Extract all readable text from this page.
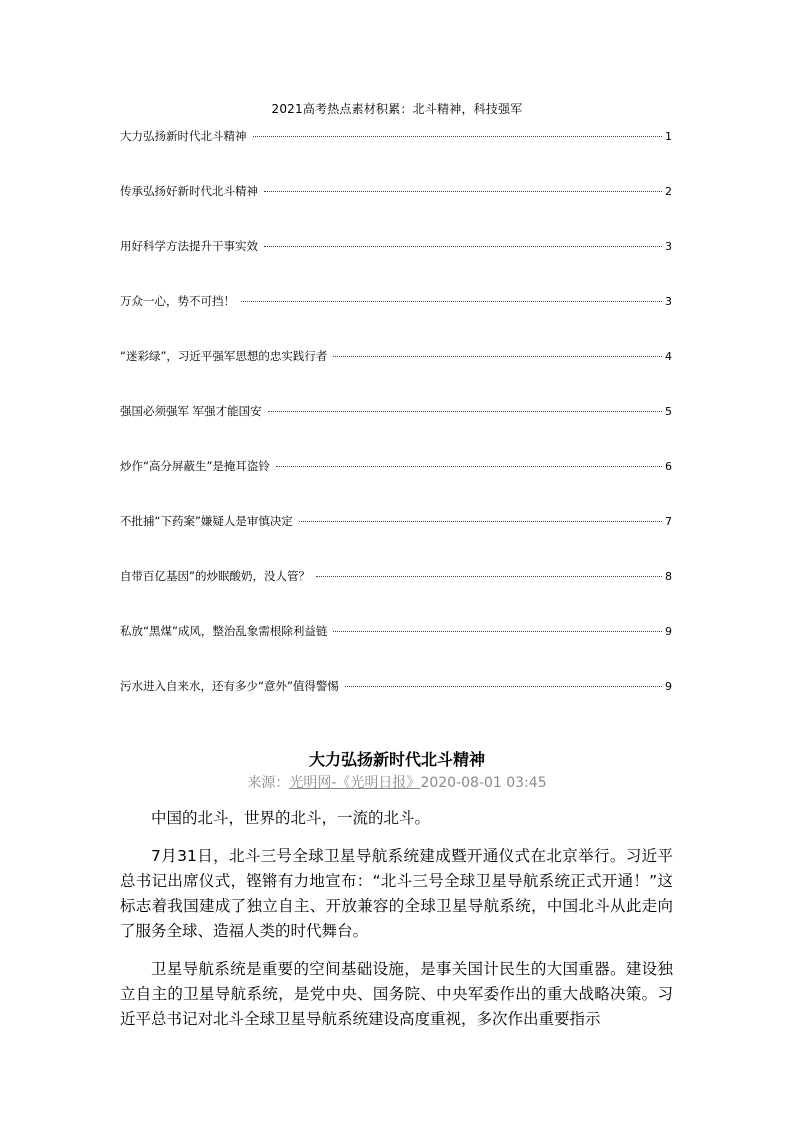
2021高考热点素材积累：北斗精神，科技强军
大力弘扬新时代北斗精神	1
传承弘扬好新时代北斗精神	2
用好科学方法提升干事实效	3
万众一心，势不可挡！	3
“迷彩绿”，习近平强军思想的忠实践行者	4
强国必须强军 军强才能国安	5
炒作“高分屏蔽生”是掩耳盗铃	6
不批捕“下药案”嫌疑人是审慎决定	7
自带百亿基因”的炒眠酸奶，没人管？	8
私放“黑煤”成风，整治乱象需根除利益链	9
污水进入自来水，还有多少“意外”值得警惕	9
大力弘扬新时代北斗精神
来源：光明网-《光明日报》2020-08-01 03:45

中国的北斗，世界的北斗，一流的北斗。

7月31日，北斗三号全球卫星导航系统建成暨开通仪式在北京举行。习近平总书记出席仪式，铿锵有力地宣布：“北斗三号全球卫星导航系统正式开通！”这标志着我国建成了独立自主、开放兼容的全球卫星导航系统，中国北斗从此走向了服务全球、造福人类的时代舞台。

卫星导航系统是重要的空间基础设施，是事关国计民生的大国重器。建设独立自主的卫星导航系统，是党中央、国务院、中央军委作出的重大战略决策。习近平总书记对北斗全球卫星导航系统建设高度重视，多次作出重要指示
